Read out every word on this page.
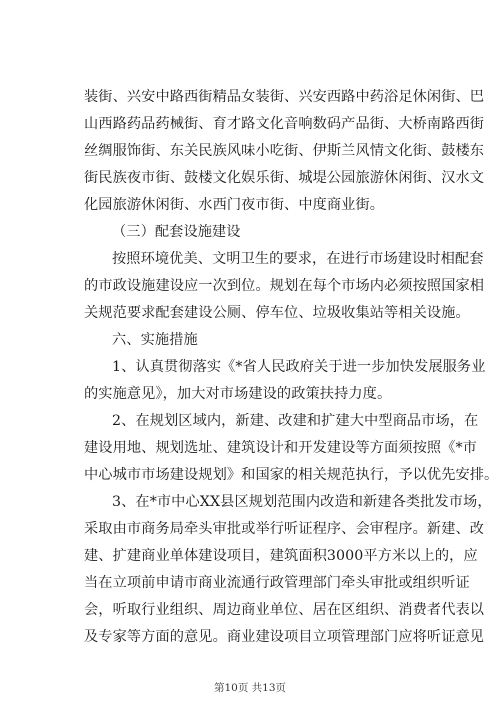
装街、兴安中路西街精品女装街、兴安西路中药浴足休闲街、巴
山西路药品药械街、育才路文化音响数码产品街、大桥南路西街
丝绸服饰街、东关民族风味小吃街、伊斯兰风情文化街、鼓楼东
街民族夜市街、鼓楼文化娱乐街、城堤公园旅游休闲街、汉水文
化园旅游休闲街、水西门夜市街、中度商业街。
（三）配套设施建设
按照环境优美、文明卫生的要求，在进行市场建设时相配套
的市政设施建设应一次到位。规划在每个市场内必须按照国家相
关规范要求配套建设公厕、停车位、垃圾收集站等相关设施。
六、实施措施
1、认真贯彻落实《*省人民政府关于进一步加快发展服务业
的实施意见》，加大对市场建设的政策扶持力度。
2、在规划区域内，新建、改建和扩建大中型商品市场，在
建设用地、规划选址、建筑设计和开发建设等方面须按照《*市
中心城市市场建设规划》和国家的相关规范执行，予以优先安排。
3、在*市中心XX县区规划范围内改造和新建各类批发市场，
采取由市商务局牵头审批或举行听证程序、会审程序。新建、改
建、扩建商业单体建设项目，建筑面积3000平方米以上的，应
当在立项前申请市商业流通行政管理部门牵头审批或组织听证
会，听取行业组织、周边商业单位、居在区组织、消费者代表以
及专家等方面的意见。商业建设项目立项管理部门应将听证意见
第10页 共13页
